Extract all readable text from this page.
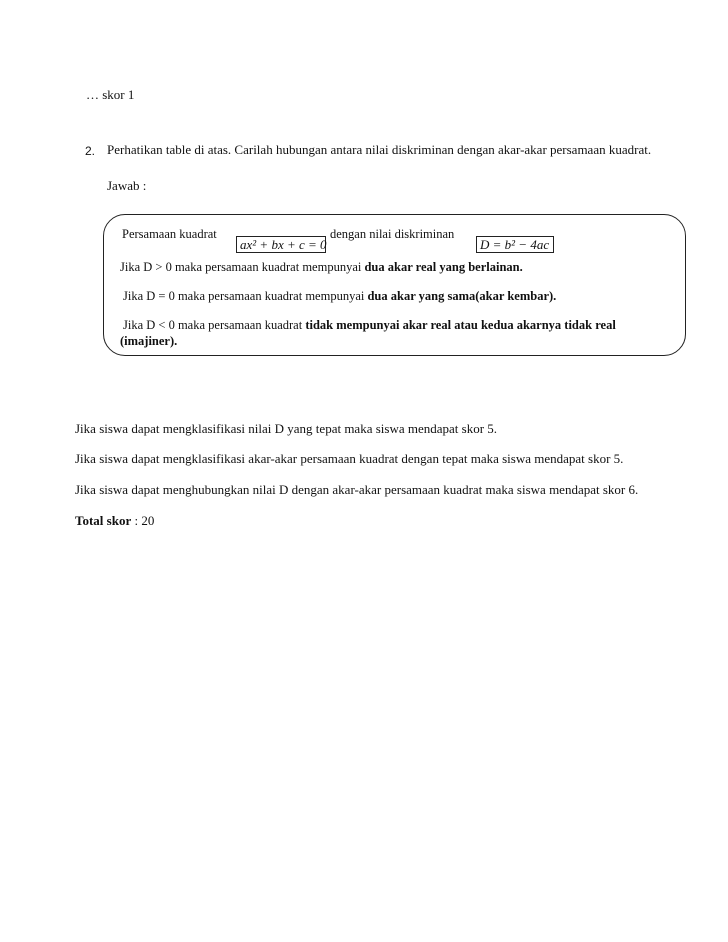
… skor 1
2. Perhatikan table di atas. Carilah hubungan antara nilai diskriminan dengan akar-akar persamaan kuadrat.
Jawab :
Persamaan kuadrat
ax² + bx + c = 0
dengan nilai diskriminan
D = b² − 4ac
Jika D > 0 maka persamaan kuadrat mempunyai dua akar real yang berlainan.
Jika D = 0 maka persamaan kuadrat mempunyai dua akar yang sama(akar kembar).
Jika D < 0 maka persamaan kuadrat tidak mempunyai akar real atau kedua akarnya tidak real
(imajiner).
Jika siswa dapat mengklasifikasi nilai D yang tepat maka siswa mendapat skor 5.
Jika siswa dapat mengklasifikasi akar-akar persamaan kuadrat dengan tepat maka siswa mendapat skor 5.
Jika siswa dapat menghubungkan nilai D dengan akar-akar persamaan kuadrat maka siswa mendapat skor 6.
Total skor : 20
